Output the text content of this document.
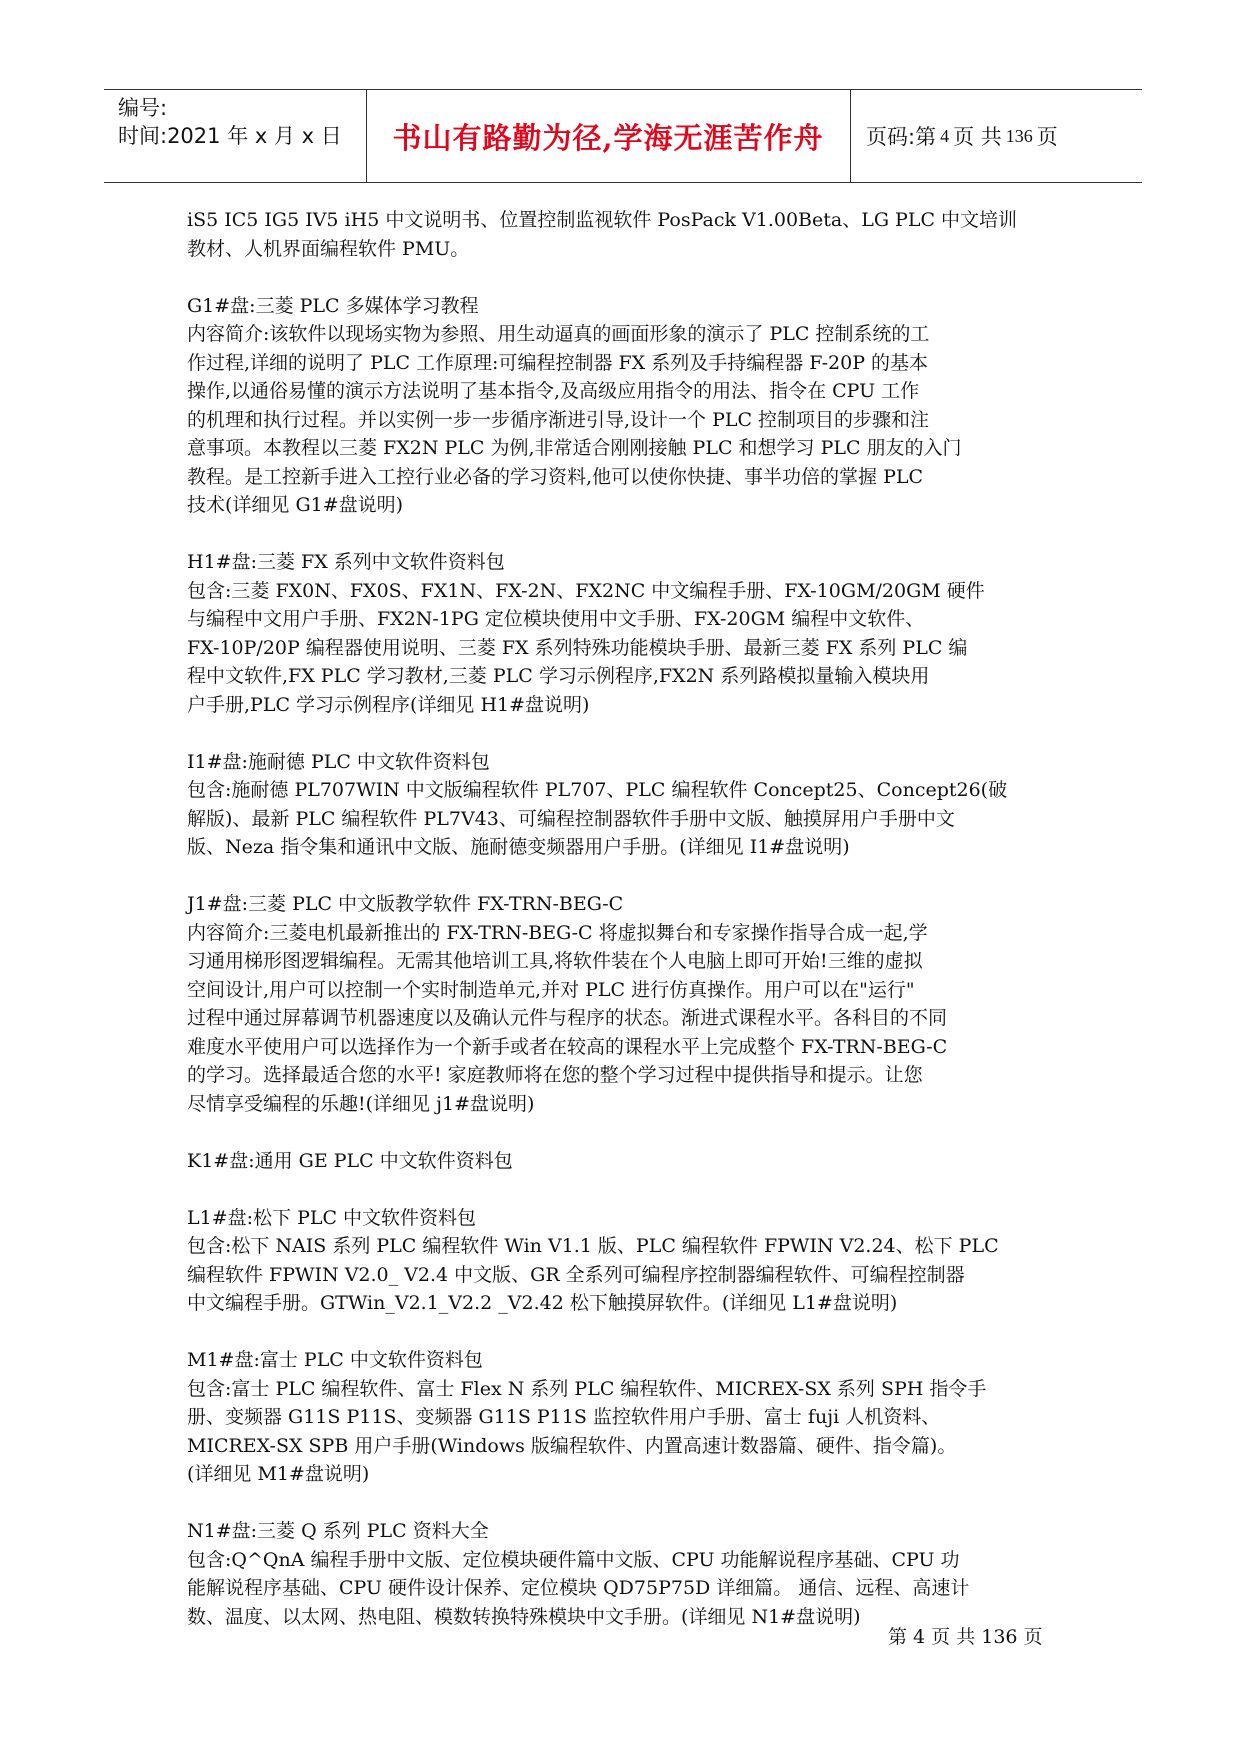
编号:
时间:2021 年 x 月 x 日	书山有路勤为径,学海无涯苦作舟	页码:第 4 页 共 136 页

iS5 IC5 IG5 IV5 iH5 中文说明书、位置控制监视软件 PosPack V1.00Beta、LG PLC 中文培训

教材、人机界面编程软件 PMU。

G1#盘:三菱 PLC 多媒体学习教程

内容简介:该软件以现场实物为参照、用生动逼真的画面形象的演示了 PLC 控制系统的工

作过程,详细的说明了 PLC 工作原理:可编程控制器 FX 系列及手持编程器 F-20P 的基本

操作,以通俗易懂的演示方法说明了基本指令,及高级应用指令的用法、指令在 CPU 工作

的机理和执行过程。并以实例一步一步循序渐进引导,设计一个 PLC 控制项目的步骤和注

意事项。本教程以三菱 FX2N PLC 为例,非常适合刚刚接触 PLC 和想学习 PLC 朋友的入门

教程。是工控新手进入工控行业必备的学习资料,他可以使你快捷、事半功倍的掌握 PLC

技术(详细见 G1#盘说明)

H1#盘:三菱 FX 系列中文软件资料包

包含:三菱 FX0N、FX0S、FX1N、FX-2N、FX2NC 中文编程手册、FX-10GM/20GM 硬件

与编程中文用户手册、FX2N-1PG 定位模块使用中文手册、FX-20GM 编程中文软件、

FX-10P/20P 编程器使用说明、三菱 FX 系列特殊功能模块手册、最新三菱 FX 系列 PLC 编

程中文软件,FX PLC 学习教材,三菱 PLC 学习示例程序,FX2N 系列路模拟量输入模块用

户手册,PLC 学习示例程序(详细见 H1#盘说明)

I1#盘:施耐德 PLC 中文软件资料包

包含:施耐德 PL707WIN 中文版编程软件 PL707、PLC 编程软件 Concept25、Concept26(破

解版)、最新 PLC 编程软件 PL7V43、可编程控制器软件手册中文版、触摸屏用户手册中文

版、Neza 指令集和通讯中文版、施耐德变频器用户手册。(详细见 I1#盘说明)

J1#盘:三菱 PLC 中文版教学软件 FX-TRN-BEG-C

内容简介:三菱电机最新推出的 FX-TRN-BEG-C 将虚拟舞台和专家操作指导合成一起,学

习通用梯形图逻辑编程。无需其他培训工具,将软件装在个人电脑上即可开始!三维的虚拟

空间设计,用户可以控制一个实时制造单元,并对 PLC 进行仿真操作。用户可以在"运行"

过程中通过屏幕调节机器速度以及确认元件与程序的状态。渐进式课程水平。各科目的不同

难度水平使用户可以选择作为一个新手或者在较高的课程水平上完成整个 FX-TRN-BEG-C

的学习。选择最适合您的水平! 家庭教师将在您的整个学习过程中提供指导和提示。让您

尽情享受编程的乐趣!(详细见 j1#盘说明)

K1#盘:通用 GE PLC 中文软件资料包

L1#盘:松下 PLC 中文软件资料包

包含:松下 NAIS 系列 PLC 编程软件 Win V1.1 版、PLC 编程软件 FPWIN V2.24、松下 PLC

编程软件 FPWIN V2.0_ V2.4 中文版、GR 全系列可编程序控制器编程软件、可编程控制器

中文编程手册。GTWin_V2.1_V2.2 _V2.42 松下触摸屏软件。(详细见 L1#盘说明)

M1#盘:富士 PLC 中文软件资料包

包含:富士 PLC 编程软件、富士 Flex N 系列 PLC 编程软件、MICREX-SX 系列 SPH 指令手

册、变频器 G11S P11S、变频器 G11S P11S 监控软件用户手册、富士 fuji 人机资料、

MICREX-SX SPB 用户手册(Windows 版编程软件、内置高速计数器篇、硬件、指令篇)。

(详细见 M1#盘说明)

N1#盘:三菱 Q 系列 PLC 资料大全

包含:Q^QnA 编程手册中文版、定位模块硬件篇中文版、CPU 功能解说程序基础、CPU 功

能解说程序基础、CPU 硬件设计保养、定位模块 QD75P75D 详细篇。 通信、远程、高速计

数、温度、以太网、热电阻、模数转换特殊模块中文手册。(详细见 N1#盘说明)

第 4 页 共 136 页
